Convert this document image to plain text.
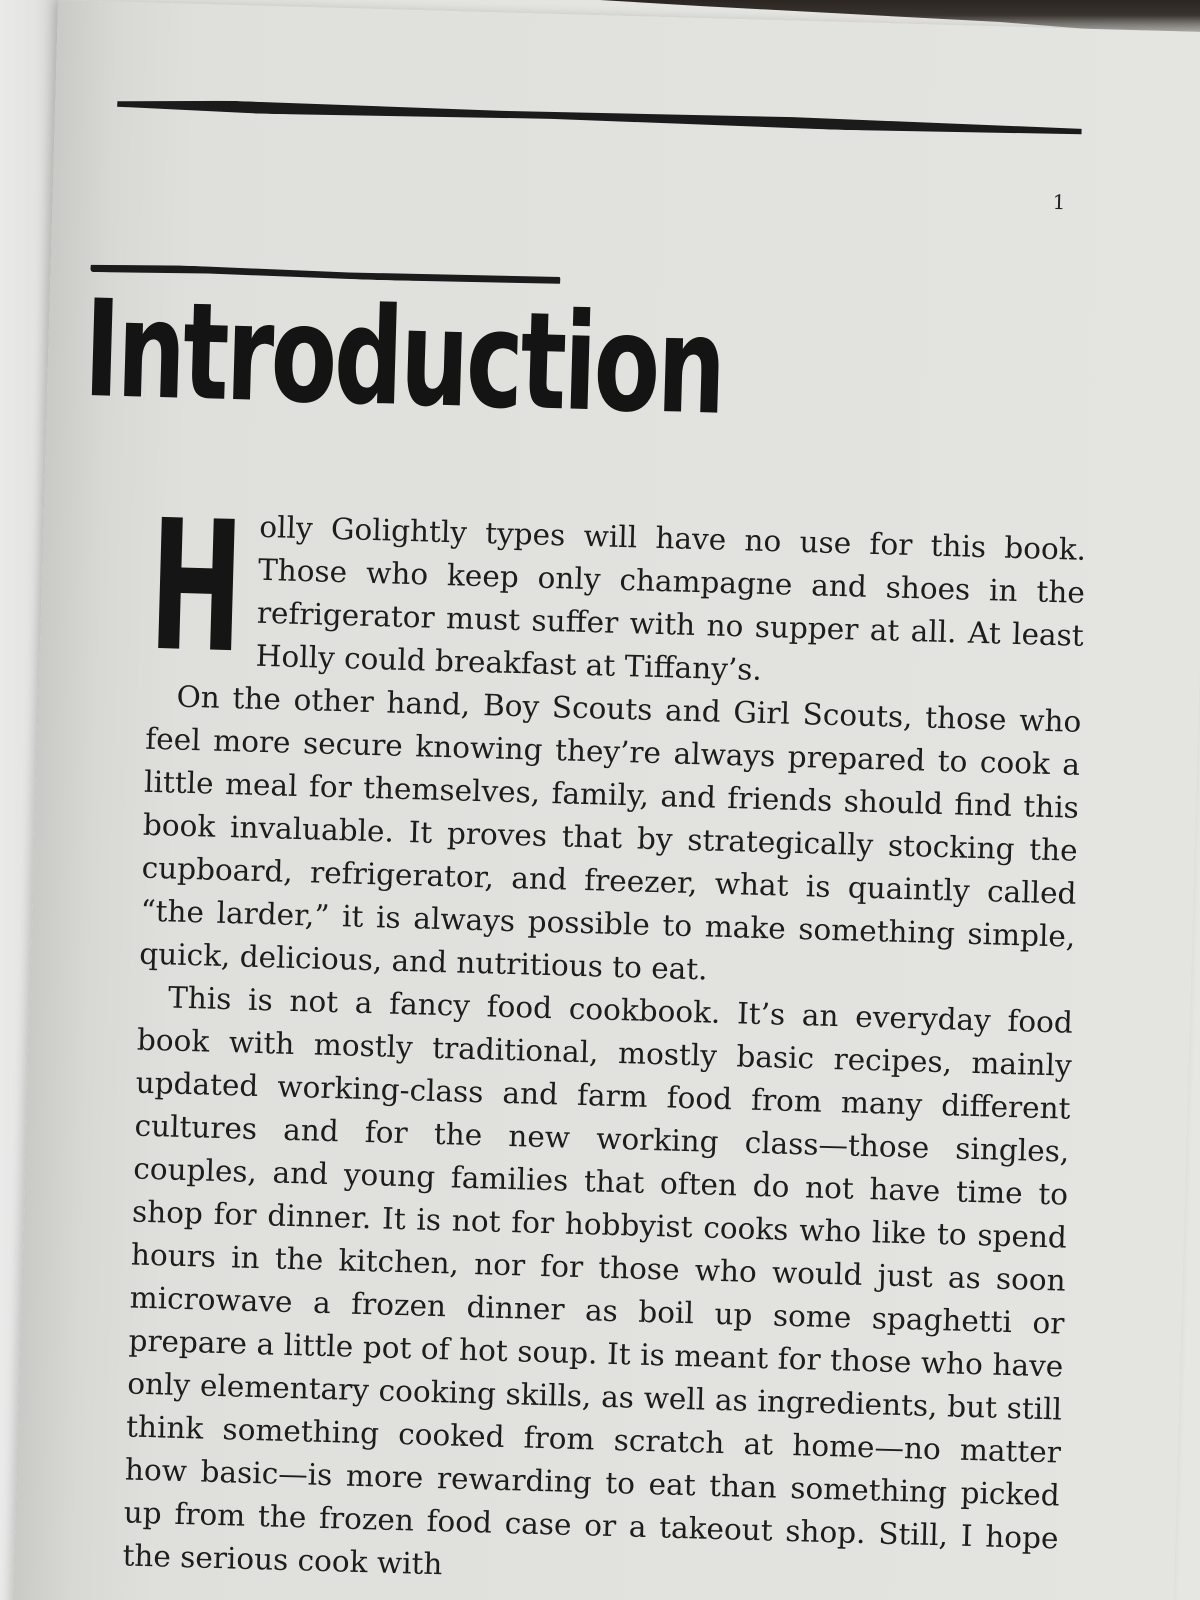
1
Introduction

Holly Golightly types will have no use for this book. Those who keep only champagne and shoes in the refrigerator must suffer with no supper at all. At least Holly could breakfast at Tiffany’s.

On the other hand, Boy Scouts and Girl Scouts, those who feel more secure knowing they’re always prepared to cook a little meal for themselves, family, and friends should find this book invaluable. It proves that by strategically stocking the cupboard, refrigerator, and freezer, what is quaintly called “the larder,” it is always possible to make something simple, quick, delicious, and nutritious to eat.

This is not a fancy food cookbook. It’s an everyday food book with mostly traditional, mostly basic recipes, mainly updated working-class and farm food from many different cultures and for the new working class—those singles, couples, and young families that often do not have time to shop for dinner. It is not for hobbyist cooks who like to spend hours in the kitchen, nor for those who would just as soon microwave a frozen dinner as boil up some spaghetti or prepare a little pot of hot soup. It is meant for those who have only elementary cooking skills, as well as ingredients, but still think something cooked from scratch at home—no matter how basic—is more rewarding to eat than something picked up from the frozen food case or a takeout shop. Still, I hope the serious cook with
